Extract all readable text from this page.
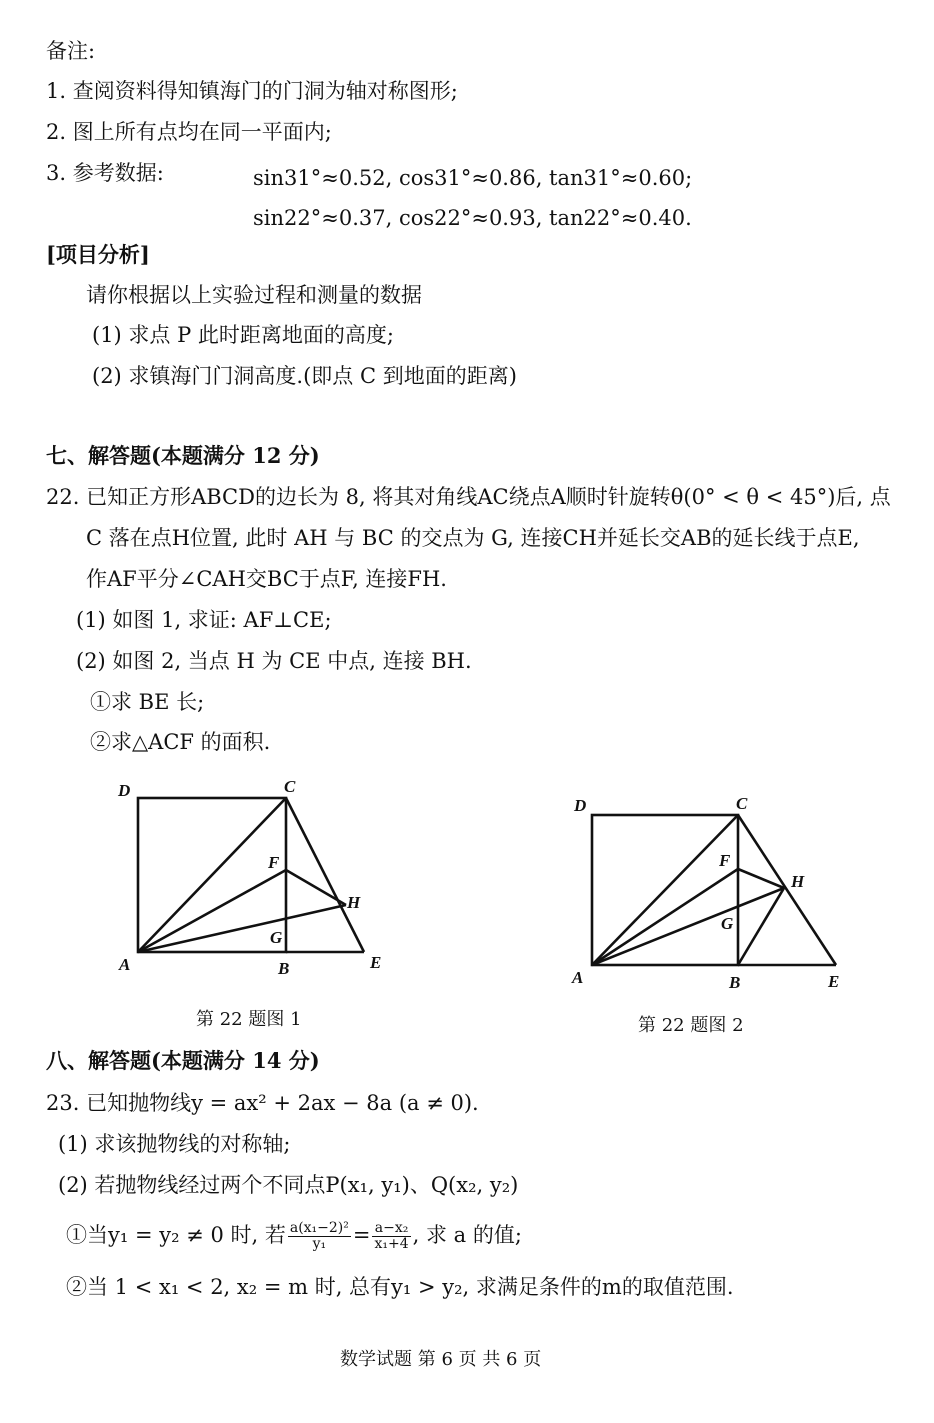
备注:
1. 查阅资料得知镇海门的门洞为轴对称图形;
2. 图上所有点均在同一平面内;
3. 参考数据:	sin31°≈0.52, cos31°≈0.86, tan31°≈0.60;
sin22°≈0.37, cos22°≈0.93, tan22°≈0.40.
[项目分析]
请你根据以上实验过程和测量的数据
(1) 求点 P 此时距离地面的高度;
(2) 求镇海门门洞高度.(即点 C 到地面的距离)
七、解答题(本题满分 12 分)
22. 已知正方形ABCD的边长为 8, 将其对角线AC绕点A顺时针旋转θ(0° < θ < 45°)后, 点
C 落在点H位置, 此时 AH 与 BC 的交点为 G, 连接CH并延长交AB的延长线于点E,
作AF平分∠CAH交BC于点F, 连接FH.
(1) 如图 1, 求证: AF⊥CE;
(2) 如图 2, 当点 H 为 CE 中点, 连接 BH.
①求 BE 长;
②求△ACF 的面积.
D	C
F
H
G
A	B	E
第 22 题图 1
D	C
F
H
G
A	B	E
第 22 题图 2
八、解答题(本题满分 14 分)
23. 已知抛物线y = ax² + 2ax − 8a (a ≠ 0).
(1) 求该抛物线的对称轴;
(2) 若抛物线经过两个不同点P(x₁, y₁)、Q(x₂, y₂)
①当y₁ = y₂ ≠ 0 时, 若 $\frac{\text{a(x₁−2)²}}{\text{y₁}} = \frac{\text{a−x₂}}{\text{x₁+4}}$ , 求 a 的值;
②当 1 < x₁ < 2, x₂ = m 时, 总有y₁ > y₂, 求满足条件的m的取值范围.
数学试题 第 6 页 共 6 页
